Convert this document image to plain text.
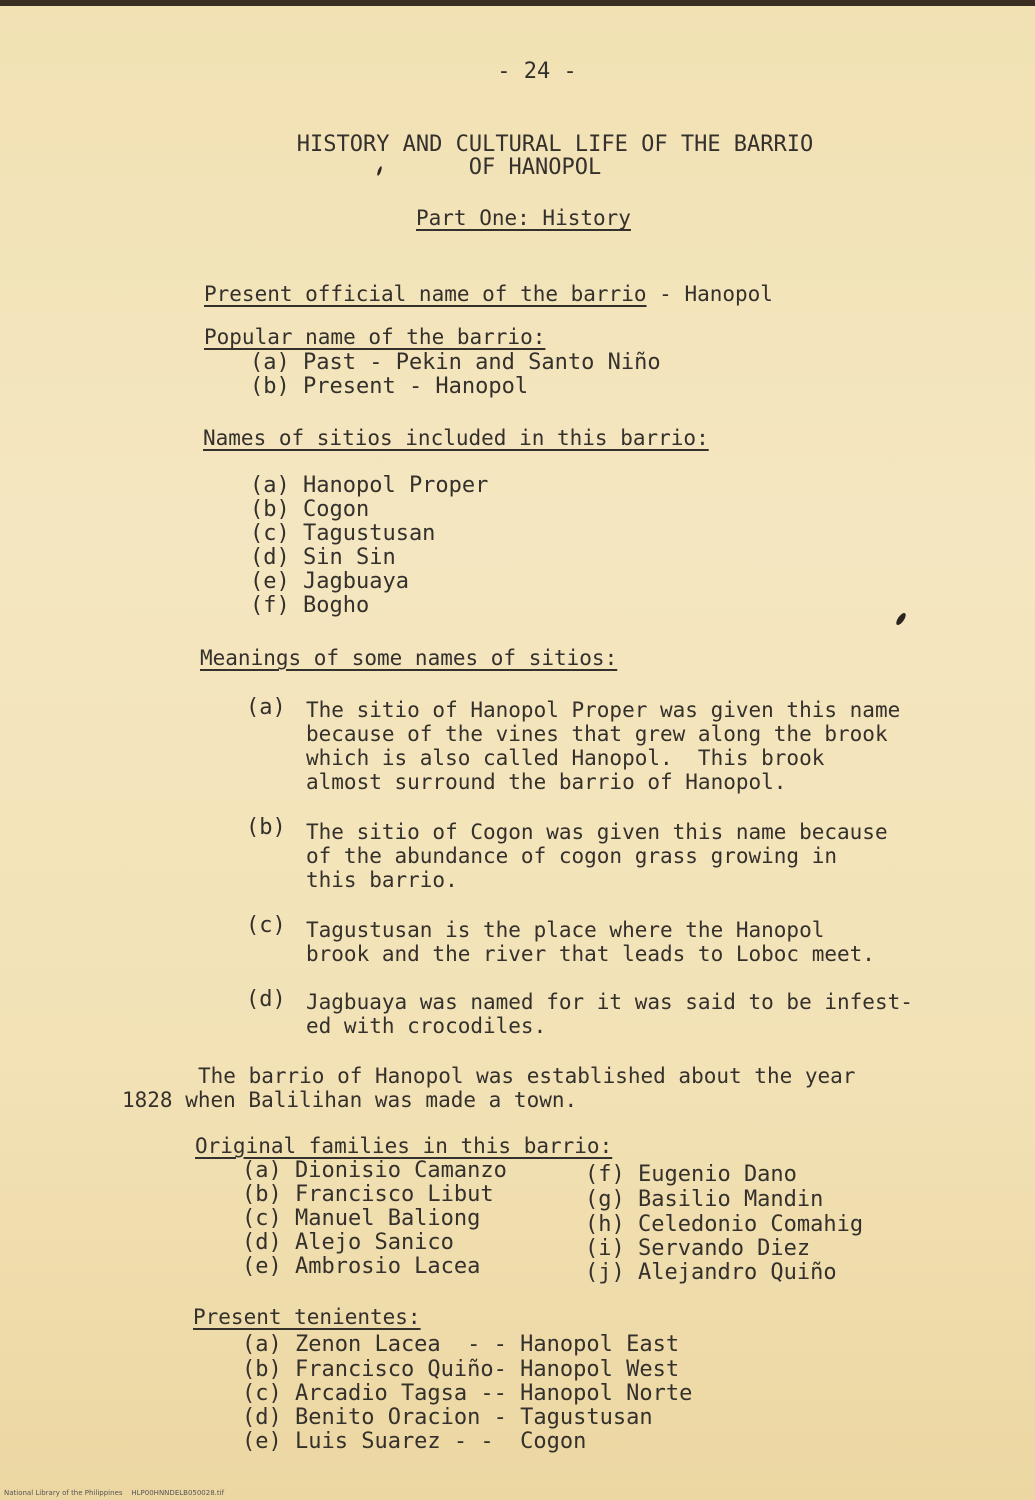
- 24 -
HISTORY AND CULTURAL LIFE OF THE BARRIO
OF HANOPOL
Part One: History
Present official name of the barrio - Hanopol
Popular name of the barrio:
(a) Past - Pekin and Santo Niño
(b) Present - Hanopol
Names of sitios included in this barrio:
(a) Hanopol Proper
(b) Cogon
(c) Tagustusan
(d) Sin Sin
(e) Jagbuaya
(f) Bogho
Meanings of some names of sitios:
(a) The sitio of Hanopol Proper was given this name
because of the vines that grew along the brook
which is also called Hanopol.  This brook
almost surround the barrio of Hanopol.
(b) The sitio of Cogon was given this name because
of the abundance of cogon grass growing in
this barrio.
(c) Tagustusan is the place where the Hanopol
brook and the river that leads to Loboc meet.
(d) Jagbuaya was named for it was said to be infest-
ed with crocodiles.
The barrio of Hanopol was established about the year
1828 when Balilihan was made a town.
Original families in this barrio:
(a) Dionisio Camanzo
(b) Francisco Libut
(c) Manuel Baliong
(d) Alejo Sanico
(e) Ambrosio Lacea
(f) Eugenio Dano
(g) Basilio Mandin
(h) Celedonio Comahig
(i) Servando Diez
(j) Alejandro Quiño
Present tenientes:
(a) Zenon Lacea  - - Hanopol East
(b) Francisco Quiño- Hanopol West
(c) Arcadio Tagsa -- Hanopol Norte
(d) Benito Oracion - Tagustusan
(e) Luis Suarez - -  Cogon
National Library of the Philippines    HLP00HNNDELB050028.tif
